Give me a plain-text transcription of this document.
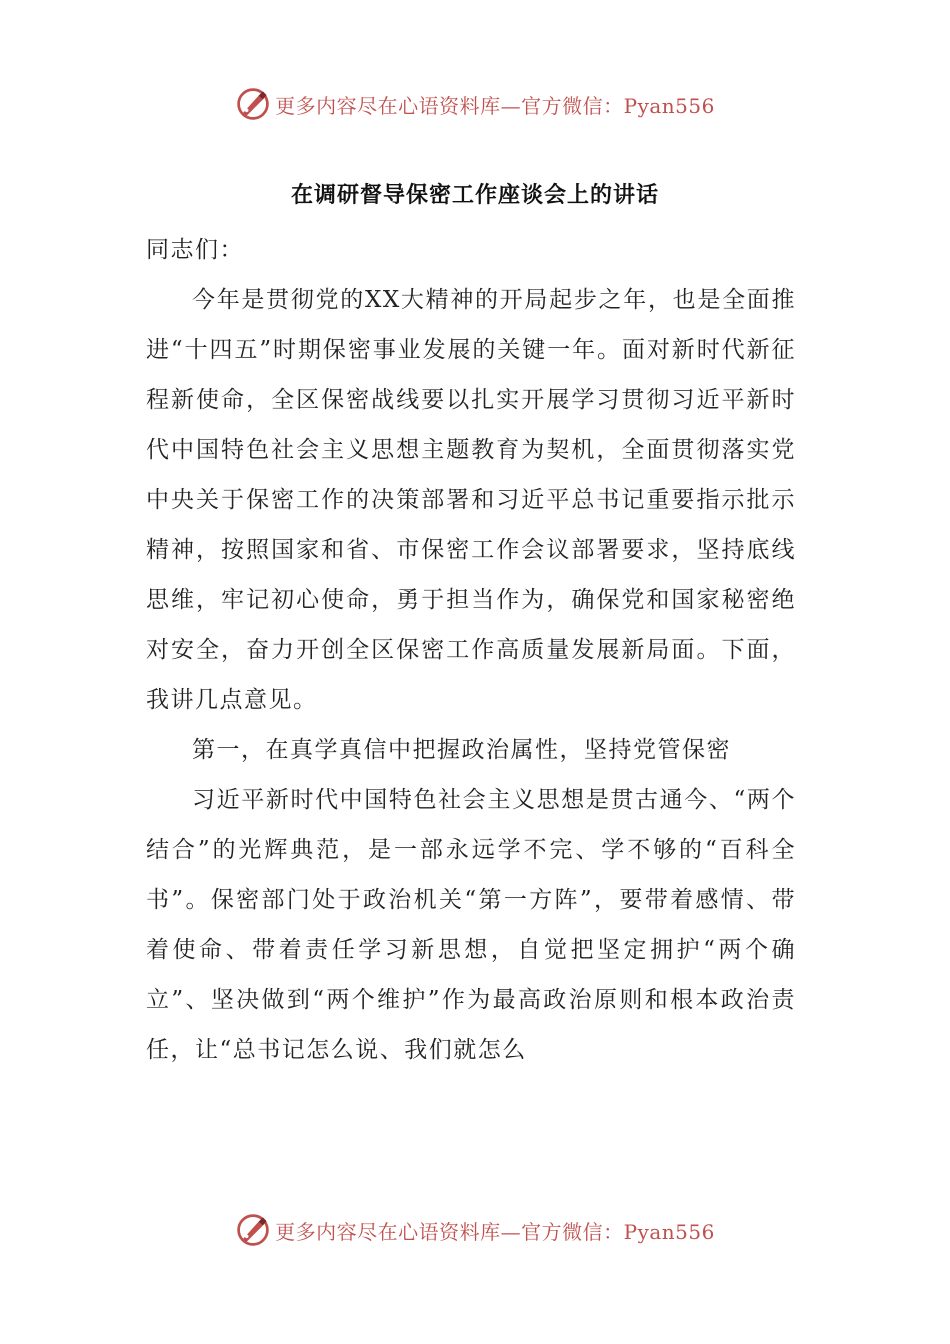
更多内容尽在心语资料库—官方微信：Pyan556
在调研督导保密工作座谈会上的讲话

同志们：

今年是贯彻党的XX大精神的开局起步之年，也是全面推进“十四五”时期保密事业发展的关键一年。面对新时代新征程新使命，全区保密战线要以扎实开展学习贯彻习近平新时代中国特色社会主义思想主题教育为契机，全面贯彻落实党中央关于保密工作的决策部署和习近平总书记重要指示批示精神，按照国家和省、市保密工作会议部署要求，坚持底线思维，牢记初心使命，勇于担当作为，确保党和国家秘密绝对安全，奋力开创全区保密工作高质量发展新局面。下面，我讲几点意见。

第一，在真学真信中把握政治属性，坚持党管保密

习近平新时代中国特色社会主义思想是贯古通今、“两个结合”的光辉典范，是一部永远学不完、学不够的“百科全书”。保密部门处于政治机关“第一方阵”，要带着感情、带着使命、带着责任学习新思想，自觉把坚定拥护“两个确立”、坚决做到“两个维护”作为最高政治原则和根本政治责任，让“总书记怎么说、我们就怎么

更多内容尽在心语资料库—官方微信：Pyan556
